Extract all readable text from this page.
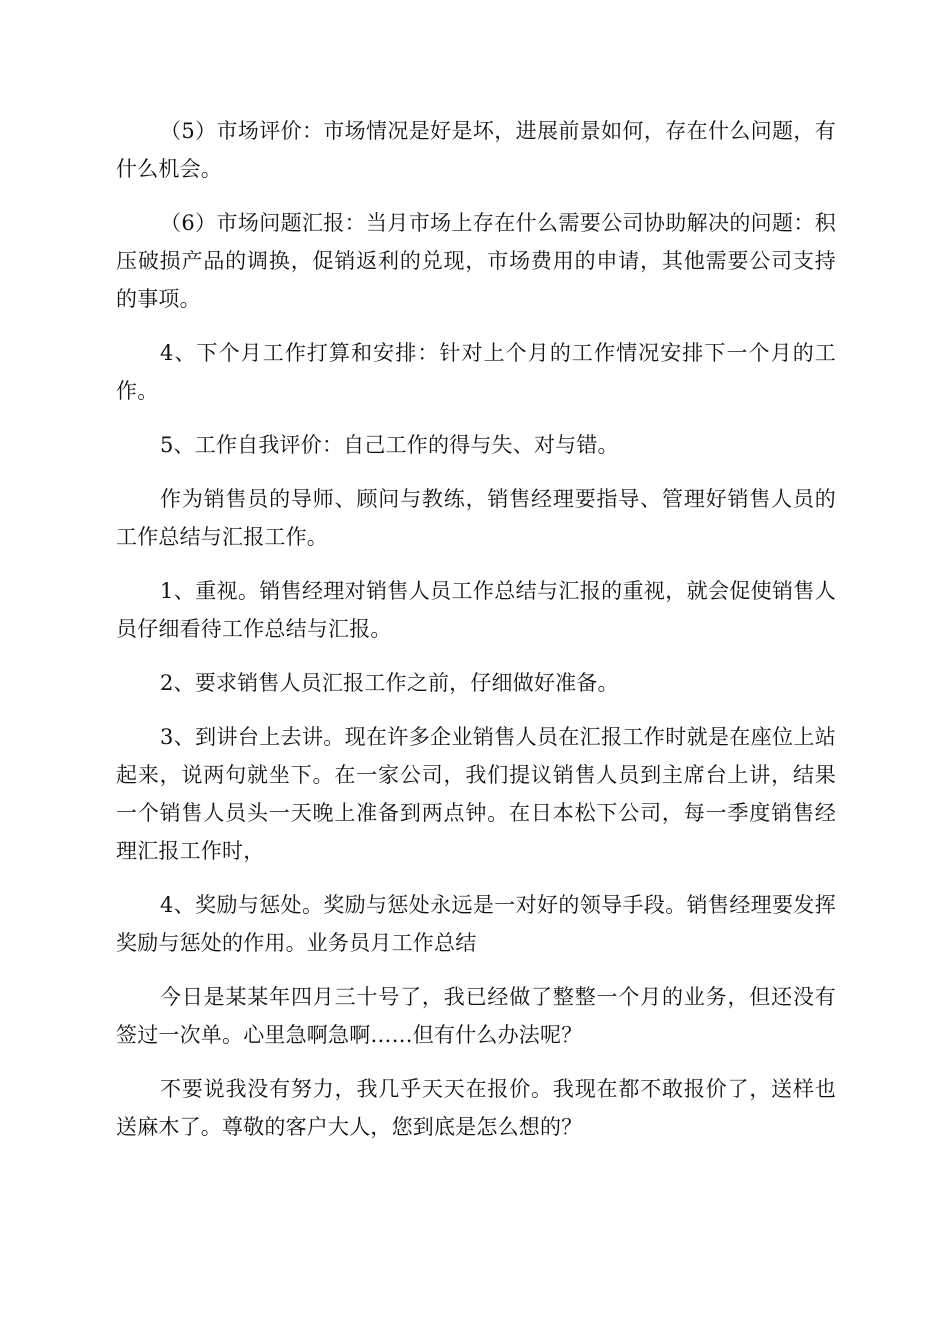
（5）市场评价：市场情况是好是坏，进展前景如何，存在什么问题，有什么机会。

（6）市场问题汇报：当月市场上存在什么需要公司协助解决的问题：积压破损产品的调换，促销返利的兑现，市场费用的申请，其他需要公司支持的事项。

4、下个月工作打算和安排：针对上个月的工作情况安排下一个月的工作。

5、工作自我评价：自己工作的得与失、对与错。

作为销售员的导师、顾问与教练，销售经理要指导、管理好销售人员的工作总结与汇报工作。

1、重视。销售经理对销售人员工作总结与汇报的重视，就会促使销售人员仔细看待工作总结与汇报。

2、要求销售人员汇报工作之前，仔细做好准备。

3、到讲台上去讲。现在许多企业销售人员在汇报工作时就是在座位上站起来，说两句就坐下。在一家公司，我们提议销售人员到主席台上讲，结果一个销售人员头一天晚上准备到两点钟。在日本松下公司，每一季度销售经理汇报工作时，

4、奖励与惩处。奖励与惩处永远是一对好的领导手段。销售经理要发挥奖励与惩处的作用。业务员月工作总结

今日是某某年四月三十号了，我已经做了整整一个月的业务，但还没有签过一次单。心里急啊急啊……但有什么办法呢？

不要说我没有努力，我几乎天天在报价。我现在都不敢报价了，送样也送麻木了。尊敬的客户大人，您到底是怎么想的？
